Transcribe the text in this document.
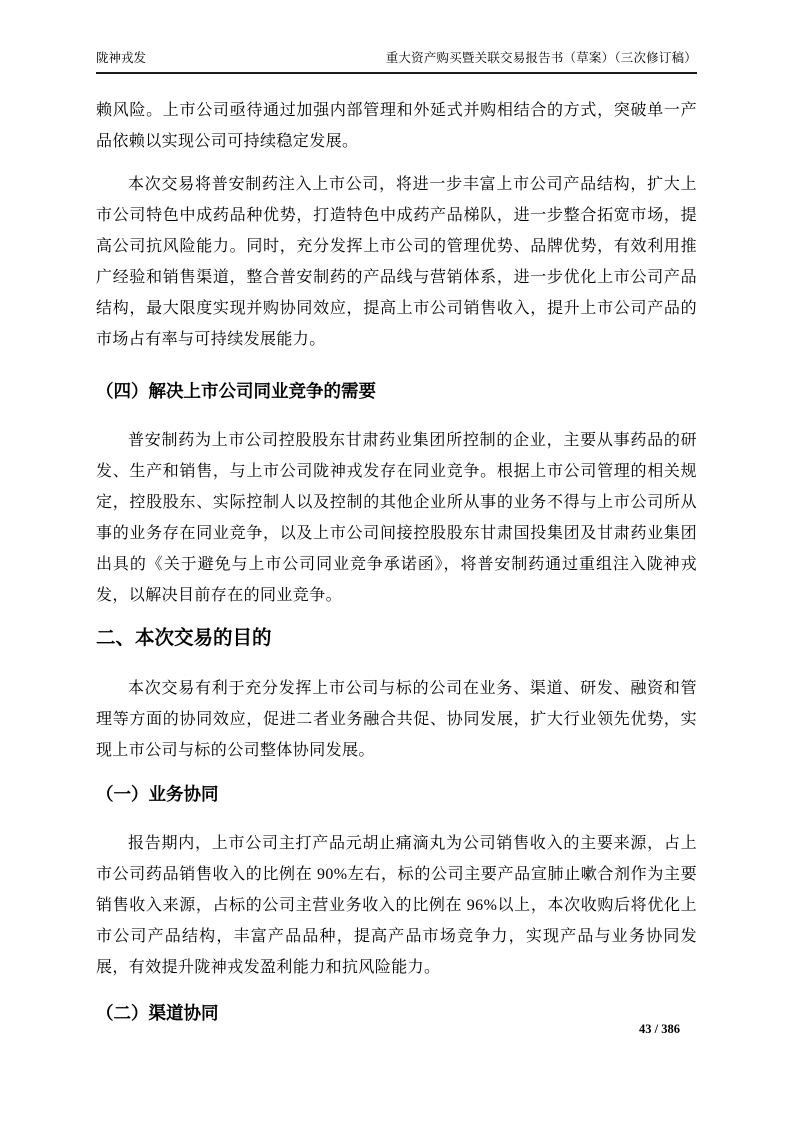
陇神戎发	重大资产购买暨关联交易报告书（草案）（三次修订稿）

赖风险。上市公司亟待通过加强内部管理和外延式并购相结合的方式，突破单一产品依赖以实现公司可持续稳定发展。

本次交易将普安制药注入上市公司，将进一步丰富上市公司产品结构，扩大上市公司特色中成药品种优势，打造特色中成药产品梯队，进一步整合拓宽市场，提高公司抗风险能力。同时，充分发挥上市公司的管理优势、品牌优势，有效利用推广经验和销售渠道，整合普安制药的产品线与营销体系，进一步优化上市公司产品结构，最大限度实现并购协同效应，提高上市公司销售收入，提升上市公司产品的市场占有率与可持续发展能力。

（四）解决上市公司同业竞争的需要

普安制药为上市公司控股股东甘肃药业集团所控制的企业，主要从事药品的研发、生产和销售，与上市公司陇神戎发存在同业竞争。根据上市公司管理的相关规定，控股股东、实际控制人以及控制的其他企业所从事的业务不得与上市公司所从事的业务存在同业竞争，以及上市公司间接控股股东甘肃国投集团及甘肃药业集团出具的《关于避免与上市公司同业竞争承诺函》，将普安制药通过重组注入陇神戎发，以解决目前存在的同业竞争。

二、本次交易的目的

本次交易有利于充分发挥上市公司与标的公司在业务、渠道、研发、融资和管理等方面的协同效应，促进二者业务融合共促、协同发展，扩大行业领先优势，实现上市公司与标的公司整体协同发展。

（一）业务协同

报告期内，上市公司主打产品元胡止痛滴丸为公司销售收入的主要来源，占上市公司药品销售收入的比例在 90%左右，标的公司主要产品宣肺止嗽合剂作为主要销售收入来源，占标的公司主营业务收入的比例在 96%以上，本次收购后将优化上市公司产品结构，丰富产品品种，提高产品市场竞争力，实现产品与业务协同发展，有效提升陇神戎发盈利能力和抗风险能力。

（二）渠道协同
43 / 386
